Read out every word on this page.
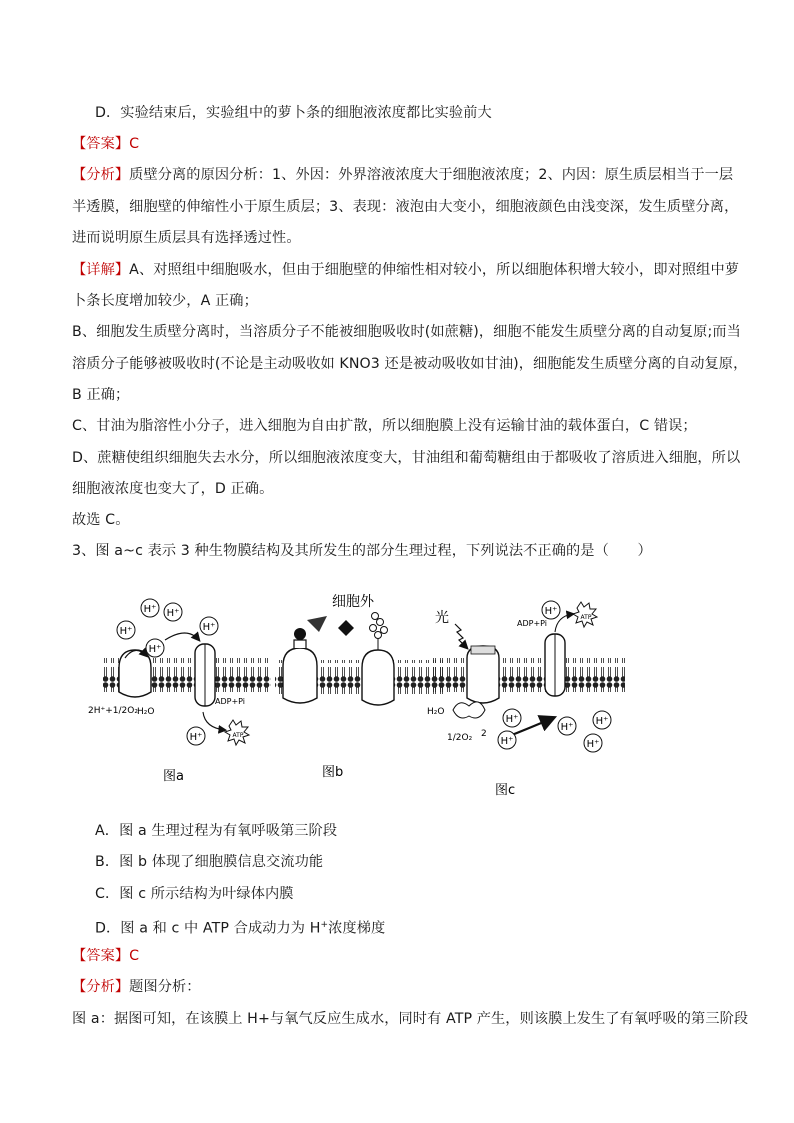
D．实验结束后，实验组中的萝卜条的细胞液浓度都比实验前大
【答案】C
【分析】质壁分离的原因分析：1、外因：外界溶液浓度大于细胞液浓度；2、内因：原生质层相当于一层
半透膜，细胞壁的伸缩性小于原生质层；3、表现：液泡由大变小，细胞液颜色由浅变深，发生质壁分离，
进而说明原生质层具有选择透过性。
【详解】A、对照组中细胞吸水，但由于细胞壁的伸缩性相对较小，所以细胞体积增大较小，即对照组中萝
卜条长度增加较少，A 正确；
B、细胞发生质壁分离时，当溶质分子不能被细胞吸收时(如蔗糖)，细胞不能发生质壁分离的自动复原;而当
溶质分子能够被吸收时(不论是主动吸收如 KNO3 还是被动吸收如甘油)，细胞能发生质壁分离的自动复原，
B 正确；
C、甘油为脂溶性小分子，进入细胞为自由扩散，所以细胞膜上没有运输甘油的载体蛋白，C 错误；
D、蔗糖使组织细胞失去水分，所以细胞液浓度变大，甘油组和葡萄糖组由于都吸收了溶质进入细胞，所以
细胞液浓度也变大了，D 正确。
故选 C。
3、图 a~c 表示 3 种生物膜结构及其所发生的部分生理过程，下列说法不正确的是（　　）
H⁺
H⁺ H⁺
H⁺
H⁺
H⁺
2H⁺+1/2O₂ H₂O
ADP+Pi
ATP
图a
细胞外
图b
光	ADP+Pi
ATP
H₂O
1/2O₂ 2
H⁺
H⁺
H⁺
H⁺
H⁺
H⁺
图c
A．图 a 生理过程为有氧呼吸第三阶段
B．图 b 体现了细胞膜信息交流功能
C．图 c 所示结构为叶绿体内膜
D．图 a 和 c 中 ATP 合成动力为 H+浓度梯度
【答案】C
【分析】题图分析：
图 a：据图可知，在该膜上 H+与氧气反应生成水，同时有 ATP 产生，则该膜上发生了有氧呼吸的第三阶段
